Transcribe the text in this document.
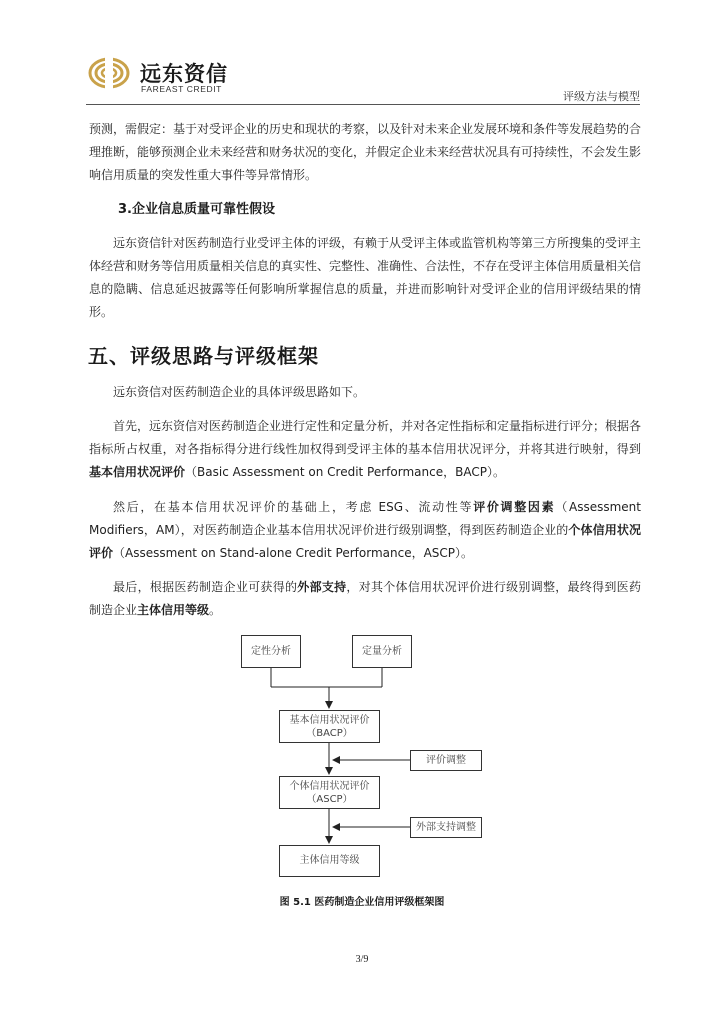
远东资信
FAREAST CREDIT
评级方法与模型
预测，需假定：基于对受评企业的历史和现状的考察，以及针对未来企业发展环境和条件等发展趋势的合理推断，能够预测企业未来经营和财务状况的变化，并假定企业未来经营状况具有可持续性，不会发生影响信用质量的突发性重大事件等异常情形。
3.企业信息质量可靠性假设
远东资信针对医药制造行业受评主体的评级，有赖于从受评主体或监管机构等第三方所搜集的受评主体经营和财务等信用质量相关信息的真实性、完整性、准确性、合法性，不存在受评主体信用质量相关信息的隐瞒、信息延迟披露等任何影响所掌握信息的质量，并进而影响针对受评企业的信用评级结果的情形。
五、评级思路与评级框架
远东资信对医药制造企业的具体评级思路如下。
首先，远东资信对医药制造企业进行定性和定量分析，并对各定性指标和定量指标进行评分；根据各指标所占权重，对各指标得分进行线性加权得到受评主体的基本信用状况评分，并将其进行映射，得到基本信用状况评价（Basic Assessment on Credit Performance，BACP）。
然后，在基本信用状况评价的基础上，考虑 ESG、流动性等评价调整因素（Assessment Modifiers，AM），对医药制造企业基本信用状况评价进行级别调整，得到医药制造企业的个体信用状况评价（Assessment on Stand-alone Credit Performance，ASCP）。
最后，根据医药制造企业可获得的外部支持，对其个体信用状况评价进行级别调整，最终得到医药制造企业主体信用等级。
定性分析	定量分析
基本信用状况评价
（BACP）
评价调整
个体信用状况评价
（ASCP）
外部支持调整
主体信用等级
图 5.1 医药制造企业信用评级框架图
3/9
